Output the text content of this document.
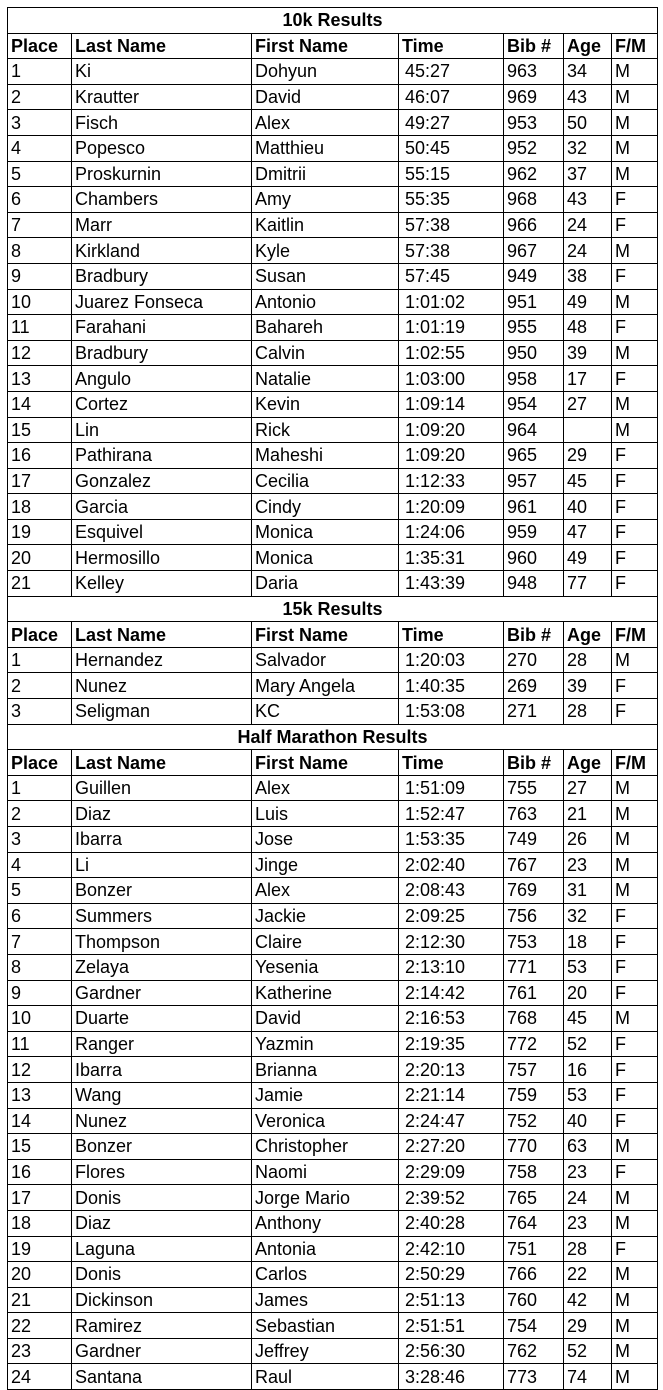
10k Results						
Place	Last Name	First Name	Time	Bib #	Age	F/M
1	Ki	Dohyun	45:27	963	34	M
2	Krautter	David	46:07	969	43	M
3	Fisch	Alex	49:27	953	50	M
4	Popesco	Matthieu	50:45	952	32	M
5	Proskurnin	Dmitrii	55:15	962	37	M
6	Chambers	Amy	55:35	968	43	F
7	Marr	Kaitlin	57:38	966	24	F
8	Kirkland	Kyle	57:38	967	24	M
9	Bradbury	Susan	57:45	949	38	F
10	Juarez Fonseca	Antonio	1:01:02	951	49	M
11	Farahani	Bahareh	1:01:19	955	48	F
12	Bradbury	Calvin	1:02:55	950	39	M
13	Angulo	Natalie	1:03:00	958	17	F
14	Cortez	Kevin	1:09:14	954	27	M
15	Lin	Rick	1:09:20	964		M
16	Pathirana	Maheshi	1:09:20	965	29	F
17	Gonzalez	Cecilia	1:12:33	957	45	F
18	Garcia	Cindy	1:20:09	961	40	F
19	Esquivel	Monica	1:24:06	959	47	F
20	Hermosillo	Monica	1:35:31	960	49	F
21	Kelley	Daria	1:43:39	948	77	F
15k Results						
Place	Last Name	First Name	Time	Bib #	Age	F/M
1	Hernandez	Salvador	1:20:03	270	28	M
2	Nunez	Mary Angela	1:40:35	269	39	F
3	Seligman	KC	1:53:08	271	28	F
Half Marathon Results						
Place	Last Name	First Name	Time	Bib #	Age	F/M
1	Guillen	Alex	1:51:09	755	27	M
2	Diaz	Luis	1:52:47	763	21	M
3	Ibarra	Jose	1:53:35	749	26	M
4	Li	Jinge	2:02:40	767	23	M
5	Bonzer	Alex	2:08:43	769	31	M
6	Summers	Jackie	2:09:25	756	32	F
7	Thompson	Claire	2:12:30	753	18	F
8	Zelaya	Yesenia	2:13:10	771	53	F
9	Gardner	Katherine	2:14:42	761	20	F
10	Duarte	David	2:16:53	768	45	M
11	Ranger	Yazmin	2:19:35	772	52	F
12	Ibarra	Brianna	2:20:13	757	16	F
13	Wang	Jamie	2:21:14	759	53	F
14	Nunez	Veronica	2:24:47	752	40	F
15	Bonzer	Christopher	2:27:20	770	63	M
16	Flores	Naomi	2:29:09	758	23	F
17	Donis	Jorge Mario	2:39:52	765	24	M
18	Diaz	Anthony	2:40:28	764	23	M
19	Laguna	Antonia	2:42:10	751	28	F
20	Donis	Carlos	2:50:29	766	22	M
21	Dickinson	James	2:51:13	760	42	M
22	Ramirez	Sebastian	2:51:51	754	29	M
23	Gardner	Jeffrey	2:56:30	762	52	M
24	Santana	Raul	3:28:46	773	74	M
